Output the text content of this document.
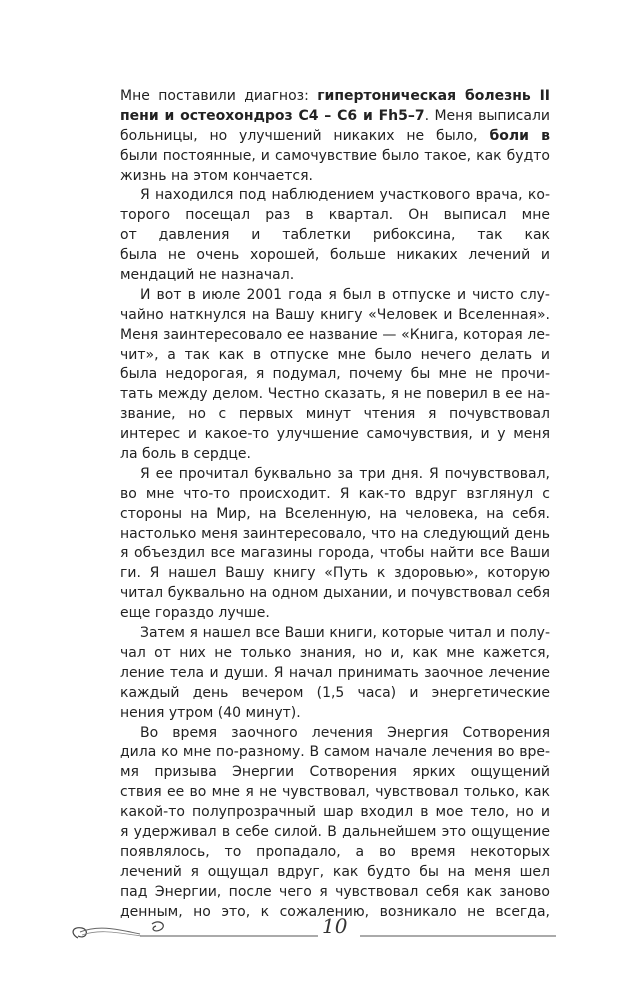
Мне поставили диагноз: гипертоническая болезнь II
пени и остеохондроз С4 – С6 и Fh5–7. Меня выписали
больницы, но улучшений никаких не было, боли в
были постоянные, и самочувствие было такое, как будто
жизнь на этом кончается.
Я находился под наблюдением участкового врача, ко-
торого посещал раз в квартал. Он выписал мне
от давления и таблетки рибоксина, так как
была не очень хорошей, больше никаких лечений и
мендаций не назначал.
И вот в июле 2001 года я был в отпуске и чисто слу-
чайно наткнулся на Вашу книгу «Человек и Вселенная».
Меня заинтересовало ее название — «Книга, которая ле-
чит», а так как в отпуске мне было нечего делать и
была недорогая, я подумал, почему бы мне не прочи-
тать между делом. Честно сказать, я не поверил в ее на-
звание, но с первых минут чтения я почувствовал
интерес и какое-то улучшение самочувствия, и у меня
ла боль в сердце.
Я ее прочитал буквально за три дня. Я почувствовал,
во мне что-то происходит. Я как-то вдруг взглянул с
стороны на Мир, на Вселенную, на человека, на себя.
настолько меня заинтересовало, что на следующий день
я объездил все магазины города, чтобы найти все Ваши
ги. Я нашел Вашу книгу «Путь к здоровью», которую
читал буквально на одном дыхании, и почувствовал себя
еще гораздо лучше.
Затем я нашел все Ваши книги, которые читал и полу-
чал от них не только знания, но и, как мне кажется,
ление тела и души. Я начал принимать заочное лечение
каждый день вечером (1,5 часа) и энергетические
нения утром (40 минут).
Во время заочного лечения Энергия Сотворения
дила ко мне по-разному. В самом начале лечения во вре-
мя призыва Энергии Сотворения ярких ощущений
ствия ее во мне я не чувствовал, чувствовал только, как
какой-то полупрозрачный шар входил в мое тело, но и
я удерживал в себе силой. В дальнейшем это ощущение
появлялось, то пропадало, а во время некоторых
лечений я ощущал вдруг, как будто бы на меня шел
пад Энергии, после чего я чувствовал себя как заново
денным, но это, к сожалению, возникало не всегда,
10
